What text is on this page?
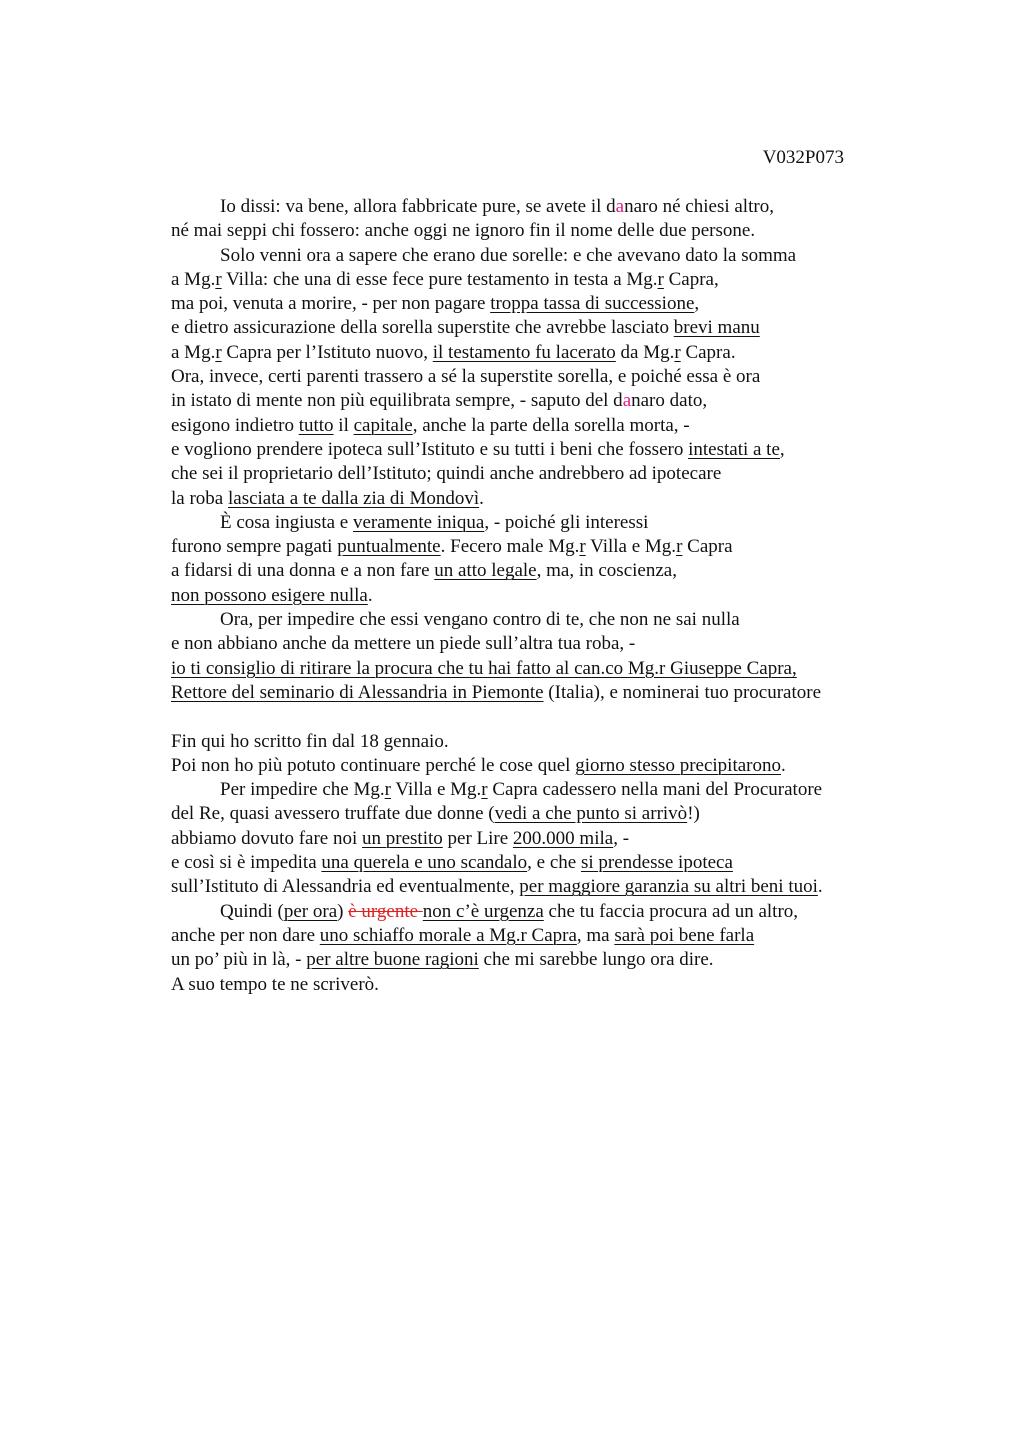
V032P073
Io dissi: va bene, allora fabbricate pure, se avete il danaro né chiesi altro,
né mai seppi chi fossero: anche oggi ne ignoro fin il nome delle due persone.
Solo venni ora a sapere che erano due sorelle: e che avevano dato la somma
a Mg.r Villa: che una di esse fece pure testamento in testa a Mg.r Capra,
ma poi, venuta a morire, - per non pagare troppa tassa di successione,
e dietro assicurazione della sorella superstite che avrebbe lasciato brevi manu
a Mg.r Capra per l’Istituto nuovo, il testamento fu lacerato da Mg.r Capra.
Ora, invece, certi parenti trassero a sé la superstite sorella, e poiché essa è ora
in istato di mente non più equilibrata sempre, - saputo del danaro dato,
esigono indietro tutto il capitale, anche la parte della sorella morta, -
e vogliono prendere ipoteca sull’Istituto e su tutti i beni che fossero intestati a te,
che sei il proprietario dell’Istituto; quindi anche andrebbero ad ipotecare
la roba lasciata a te dalla zia di Mondovì.
È cosa ingiusta e veramente iniqua, - poiché gli interessi
furono sempre pagati puntualmente. Fecero male Mg.r Villa e Mg.r Capra
a fidarsi di una donna e a non fare un atto legale, ma, in coscienza,
non possono esigere nulla.
Ora, per impedire che essi vengano contro di te, che non ne sai nulla
e non abbiano anche da mettere un piede sull’altra tua roba, -
io ti consiglio di ritirare la procura che tu hai fatto al can.co Mg.r Giuseppe Capra,
Rettore del seminario di Alessandria in Piemonte (Italia), e nominerai tuo procuratore
Fin qui ho scritto fin dal 18 gennaio.
Poi non ho più potuto continuare perché le cose quel giorno stesso precipitarono.
Per impedire che Mg.r Villa e Mg.r Capra cadessero nella mani del Procuratore
del Re, quasi avessero truffate due donne (vedi a che punto si arrivò!)
abbiamo dovuto fare noi un prestito per Lire 200.000 mila, -
e così si è impedita una querela e uno scandalo, e che si prendesse ipoteca
sull’Istituto di Alessandria ed eventualmente, per maggiore garanzia su altri beni tuoi.
Quindi (per ora) è urgente non c’è urgenza che tu faccia procura ad un altro,
anche per non dare uno schiaffo morale a Mg.r Capra, ma sarà poi bene farla
un po’ più in là, - per altre buone ragioni che mi sarebbe lungo ora dire.
A suo tempo te ne scriverò.
